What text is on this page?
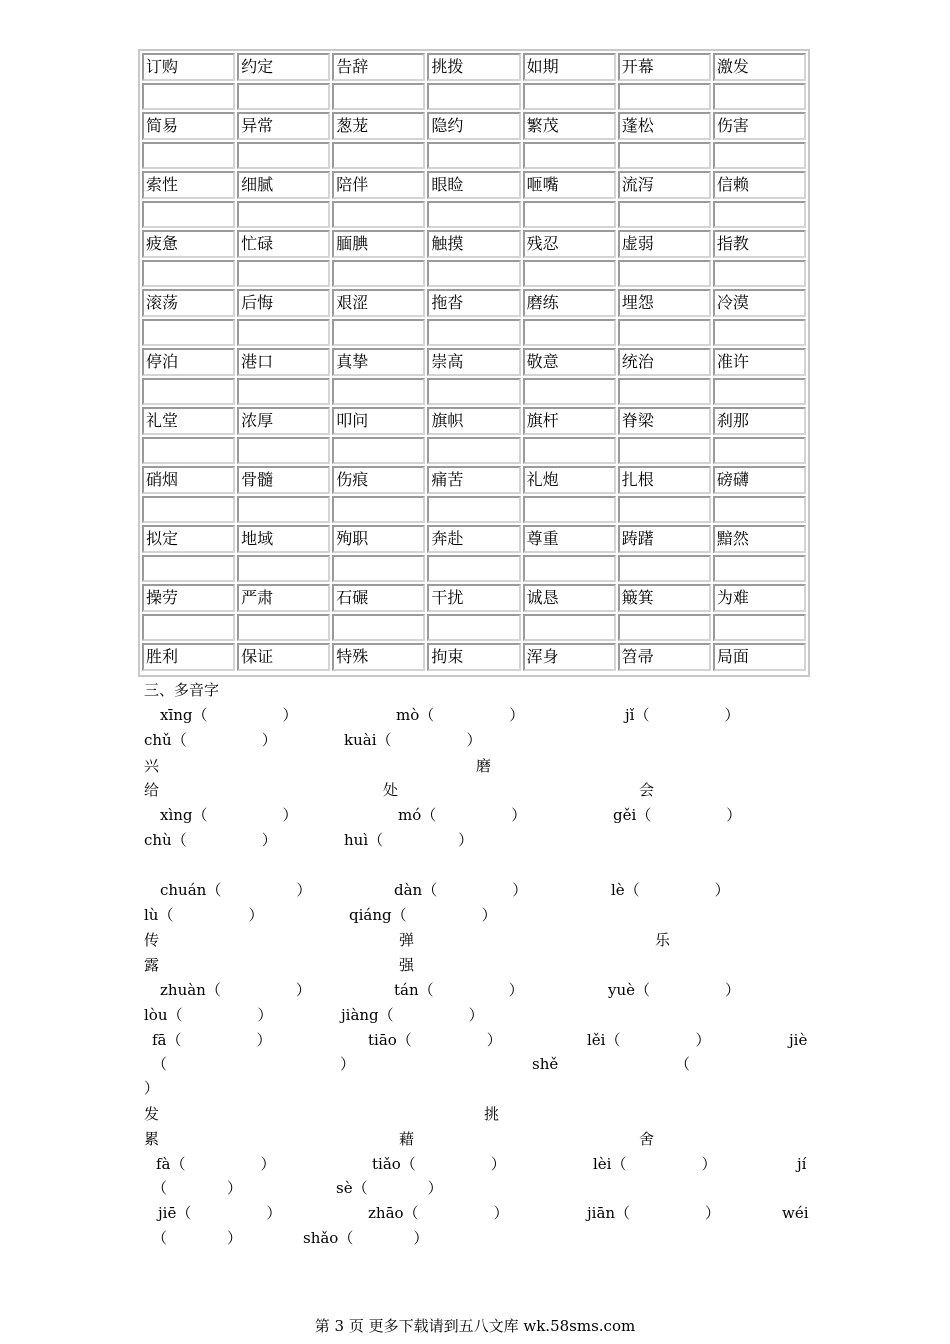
订购	约定	告辞	挑拨	如期	开幕	激发

简易	异常	葱茏	隐约	繁茂	蓬松	伤害

索性	细腻	陪伴	眼睑	咂嘴	流泻	信赖

疲惫	忙碌	腼腆	触摸	残忍	虚弱	指教

滚荡	后悔	艰涩	拖沓	磨练	埋怨	冷漠

停泊	港口	真挚	崇高	敬意	统治	准许

礼堂	浓厚	叩问	旗帜	旗杆	脊梁	刹那

硝烟	骨髓	伤痕	痛苦	礼炮	扎根	磅礴

拟定	地域	殉职	奔赴	尊重	踌躇	黯然

操劳	严肃	石碾	干扰	诚恳	簸箕	为难

胜利	保证	特殊	拘束	浑身	笤帚	局面
三、多音字
xīng（　　　　　）	mò（　　　　　）	jǐ（　　　　　）
chǔ（　　　　　）	kuài（　　　　　）
兴	磨
给	处	会
xìng（　　　　　）	mó（　　　　　）	gěi（　　　　　）
chù（　　　　　）	huì（　　　　　）
chuán（　　　　　）	dàn（　　　　　）	lè（　　　　　）
lù（　　　　　）	qiáng（　　　　　）
传	弹	乐
露	强
zhuàn（　　　　　）	tán（　　　　　）	yuè（　　　　　）
lòu（　　　　　）	jiàng（　　　　　）
fā（　　　　　）	tiāo（　　　　　）	lěi（　　　　　）	jiè
（	）	shě	（
）
发	挑
累	藉	舍
fà（　　　　　）	tiǎo（　　　　　）	lèi（　　　　　）	jí
（　　　　）	sè（　　　　）
jiē（　　　　　）	zhāo（　　　　　）	jiān（　　　　　）	wéi
（　　　　）	shǎo（　　　　）
第 3 页 更多下载请到五八文库 wk.58sms.com
